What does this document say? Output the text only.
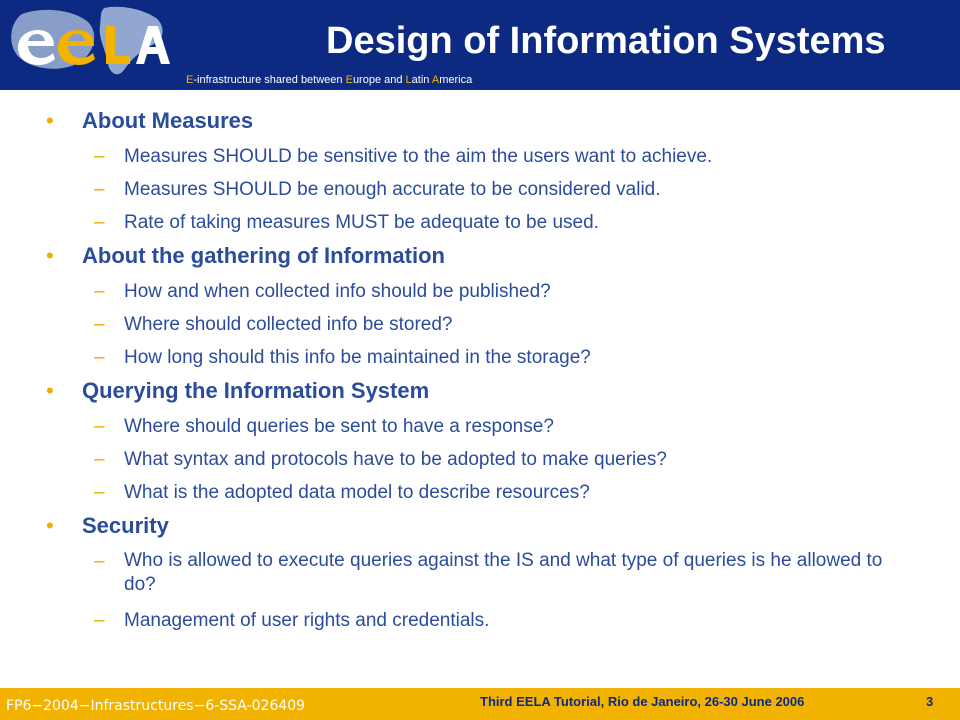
E-infrastructure shared between Europe and Latin America
Design of Information Systems
• About Measures
– Measures SHOULD be sensitive to the aim the users want to achieve.
– Measures SHOULD be enough accurate to be considered valid.
– Rate of taking measures MUST be adequate to be used.
• About the gathering of Information
– How and when collected info should be published?
– Where should collected info be stored?
– How long should this info be maintained in the storage?
• Querying the Information System
– Where should queries be sent to have a response?
– What syntax and protocols have to be adopted to make queries?
– What is the adopted data model to describe resources?
• Security
– Who is allowed to execute queries against the IS and what type of queries is he allowed to do?
– Management of user rights and credentials.
FP6−2004−Infrastructures−6-SSA-026409	Third EELA Tutorial, Rio de Janeiro, 26-30 June 2006	3
